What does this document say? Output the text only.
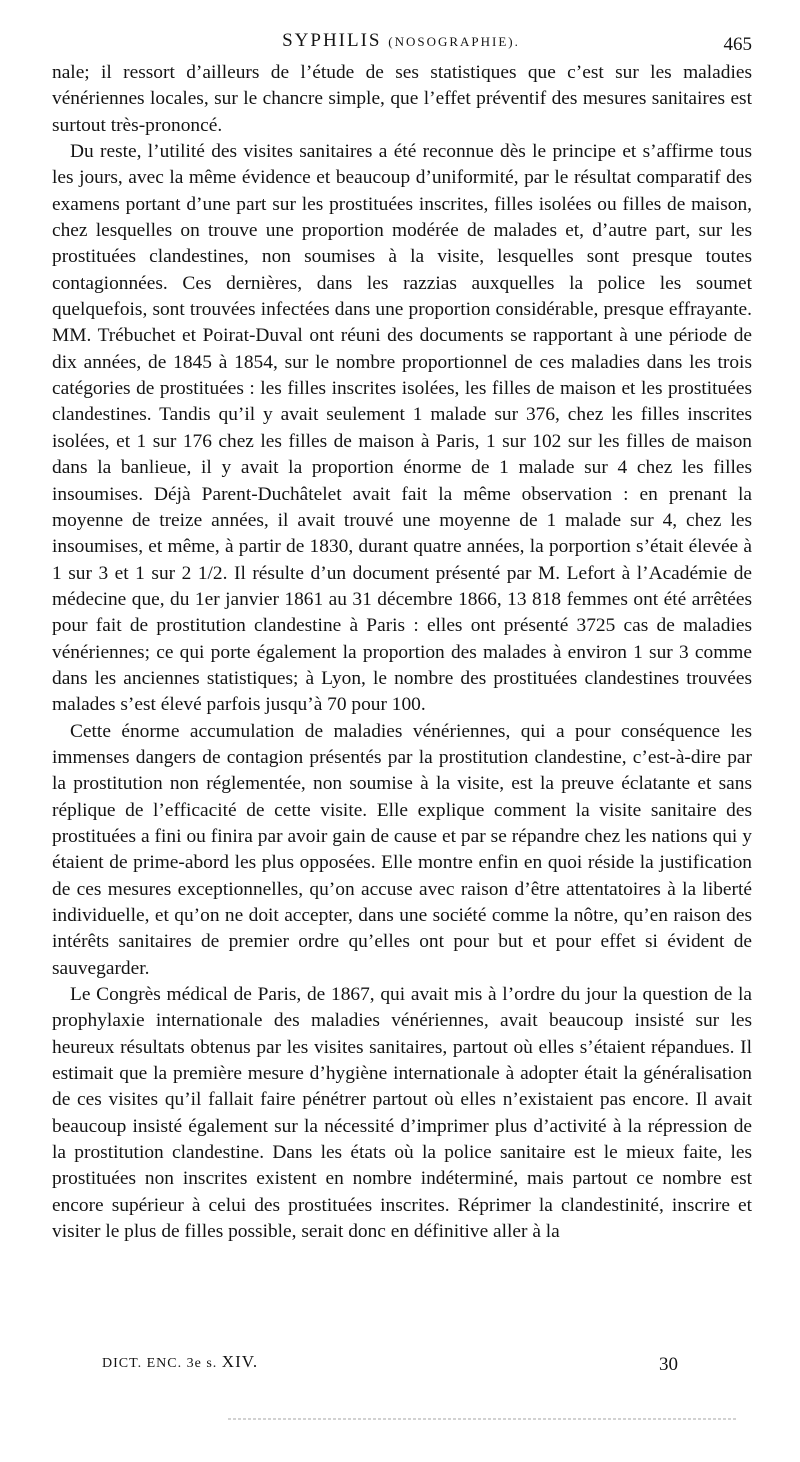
SYPHILIS (NOSOGRAPHIE).	465

nale; il ressort d’ailleurs de l’étude de ses statistiques que c’est sur les maladies vénériennes locales, sur le chancre simple, que l’effet préventif des mesures sanitaires est surtout très-prononcé.

Du reste, l’utilité des visites sanitaires a été reconnue dès le principe et s’affirme tous les jours, avec la même évidence et beaucoup d’uniformité, par le résultat comparatif des examens portant d’une part sur les prostituées inscrites, filles isolées ou filles de maison, chez lesquelles on trouve une proportion modérée de malades et, d’autre part, sur les prostituées clandestines, non soumises à la visite, lesquelles sont presque toutes contagionnées. Ces dernières, dans les razzias auxquelles la police les soumet quelquefois, sont trouvées infectées dans une proportion considérable, presque effrayante. MM. Trébuchet et Poirat-Duval ont réuni des documents se rapportant à une période de dix années, de 1845 à 1854, sur le nombre proportionnel de ces maladies dans les trois catégories de prostituées : les filles inscrites isolées, les filles de maison et les prostituées clandestines. Tandis qu’il y avait seulement 1 malade sur 376, chez les filles inscrites isolées, et 1 sur 176 chez les filles de maison à Paris, 1 sur 102 sur les filles de maison dans la banlieue, il y avait la proportion énorme de 1 malade sur 4 chez les filles insoumises. Déjà Parent-Duchâtelet avait fait la même observation : en prenant la moyenne de treize années, il avait trouvé une moyenne de 1 malade sur 4, chez les insoumises, et même, à partir de 1830, durant quatre années, la porportion s’était élevée à 1 sur 3 et 1 sur 2 1/2. Il résulte d’un document présenté par M. Lefort à l’Académie de médecine que, du 1er janvier 1861 au 31 décembre 1866, 13 818 femmes ont été arrêtées pour fait de prostitution clandestine à Paris : elles ont présenté 3725 cas de maladies vénériennes; ce qui porte également la proportion des malades à environ 1 sur 3 comme dans les anciennes statistiques; à Lyon, le nombre des prostituées clandestines trouvées malades s’est élevé parfois jusqu’à 70 pour 100.

Cette énorme accumulation de maladies vénériennes, qui a pour conséquence les immenses dangers de contagion présentés par la prostitution clandestine, c’est-à-dire par la prostitution non réglementée, non soumise à la visite, est la preuve éclatante et sans réplique de l’efficacité de cette visite. Elle explique comment la visite sanitaire des prostituées a fini ou finira par avoir gain de cause et par se répandre chez les nations qui y étaient de prime-abord les plus opposées. Elle montre enfin en quoi réside la justification de ces mesures exceptionnelles, qu’on accuse avec raison d’être attentatoires à la liberté individuelle, et qu’on ne doit accepter, dans une société comme la nôtre, qu’en raison des intérêts sanitaires de premier ordre qu’elles ont pour but et pour effet si évident de sauvegarder.

Le Congrès médical de Paris, de 1867, qui avait mis à l’ordre du jour la question de la prophylaxie internationale des maladies vénériennes, avait beaucoup insisté sur les heureux résultats obtenus par les visites sanitaires, partout où elles s’étaient répandues. Il estimait que la première mesure d’hygiène internationale à adopter était la généralisation de ces visites qu’il fallait faire pénétrer partout où elles n’existaient pas encore. Il avait beaucoup insisté également sur la nécessité d’imprimer plus d’activité à la répression de la prostitution clandestine. Dans les états où la police sanitaire est le mieux faite, les prostituées non inscrites existent en nombre indéterminé, mais partout ce nombre est encore supérieur à celui des prostituées inscrites. Réprimer la clandestinité, inscrire et visiter le plus de filles possible, serait donc en définitive aller à la

DICT. ENC. 3e s. XIV.	30
